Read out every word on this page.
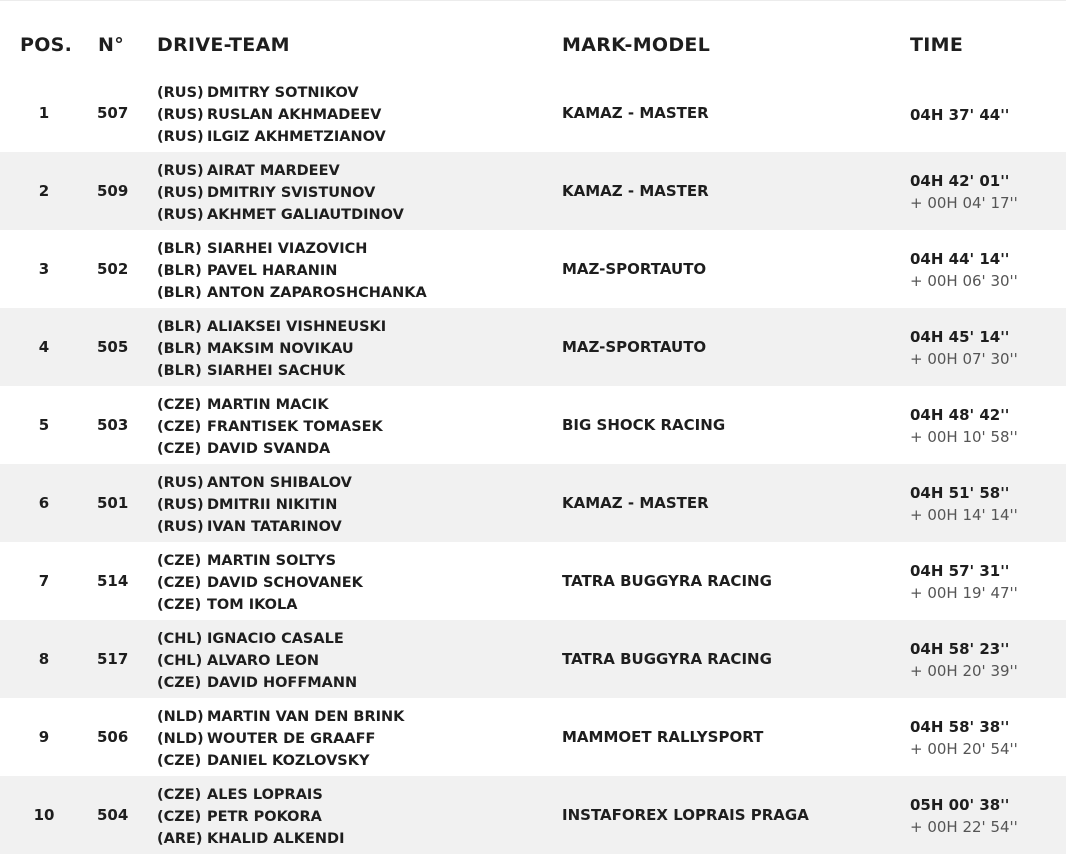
POS. N° DRIVE-TEAM	MARK-MODEL	TIME
1	507
(RUS) DMITRY SOTNIKOV
(RUS) RUSLAN AKHMADEEV
(RUS) ILGIZ AKHMETZIANOV
KAMAZ - MASTER	04H 37' 44''
2	509
(RUS) AIRAT MARDEEV
(RUS) DMITRIY SVISTUNOV
(RUS) AKHMET GALIAUTDINOV
KAMAZ - MASTER
04H 42' 01''
+ 00H 04' 17''
3	502
(BLR) SIARHEI VIAZOVICH
(BLR) PAVEL HARANIN
(BLR) ANTON ZAPAROSHCHANKA
MAZ-SPORTAUTO
04H 44' 14''
+ 00H 06' 30''
4	505
(BLR) ALIAKSEI VISHNEUSKI
(BLR) MAKSIM NOVIKAU
(BLR) SIARHEI SACHUK
MAZ-SPORTAUTO
04H 45' 14''
+ 00H 07' 30''
5	503
(CZE) MARTIN MACIK
(CZE) FRANTISEK TOMASEK
(CZE) DAVID SVANDA
BIG SHOCK RACING
04H 48' 42''
+ 00H 10' 58''
6	501
(RUS) ANTON SHIBALOV
(RUS) DMITRII NIKITIN
(RUS) IVAN TATARINOV
KAMAZ - MASTER
04H 51' 58''
+ 00H 14' 14''
7	514
(CZE) MARTIN SOLTYS
(CZE) DAVID SCHOVANEK
(CZE) TOM IKOLA
TATRA BUGGYRA RACING
04H 57' 31''
+ 00H 19' 47''
8	517
(CHL) IGNACIO CASALE
(CHL) ALVARO LEON
(CZE) DAVID HOFFMANN
TATRA BUGGYRA RACING
04H 58' 23''
+ 00H 20' 39''
9	506
(NLD) MARTIN VAN DEN BRINK
(NLD) WOUTER DE GRAAFF
(CZE) DANIEL KOZLOVSKY
MAMMOET RALLYSPORT
04H 58' 38''
+ 00H 20' 54''
10	504
(CZE) ALES LOPRAIS
(CZE) PETR POKORA
(ARE) KHALID ALKENDI
INSTAFOREX LOPRAIS PRAGA
05H 00' 38''
+ 00H 22' 54''
